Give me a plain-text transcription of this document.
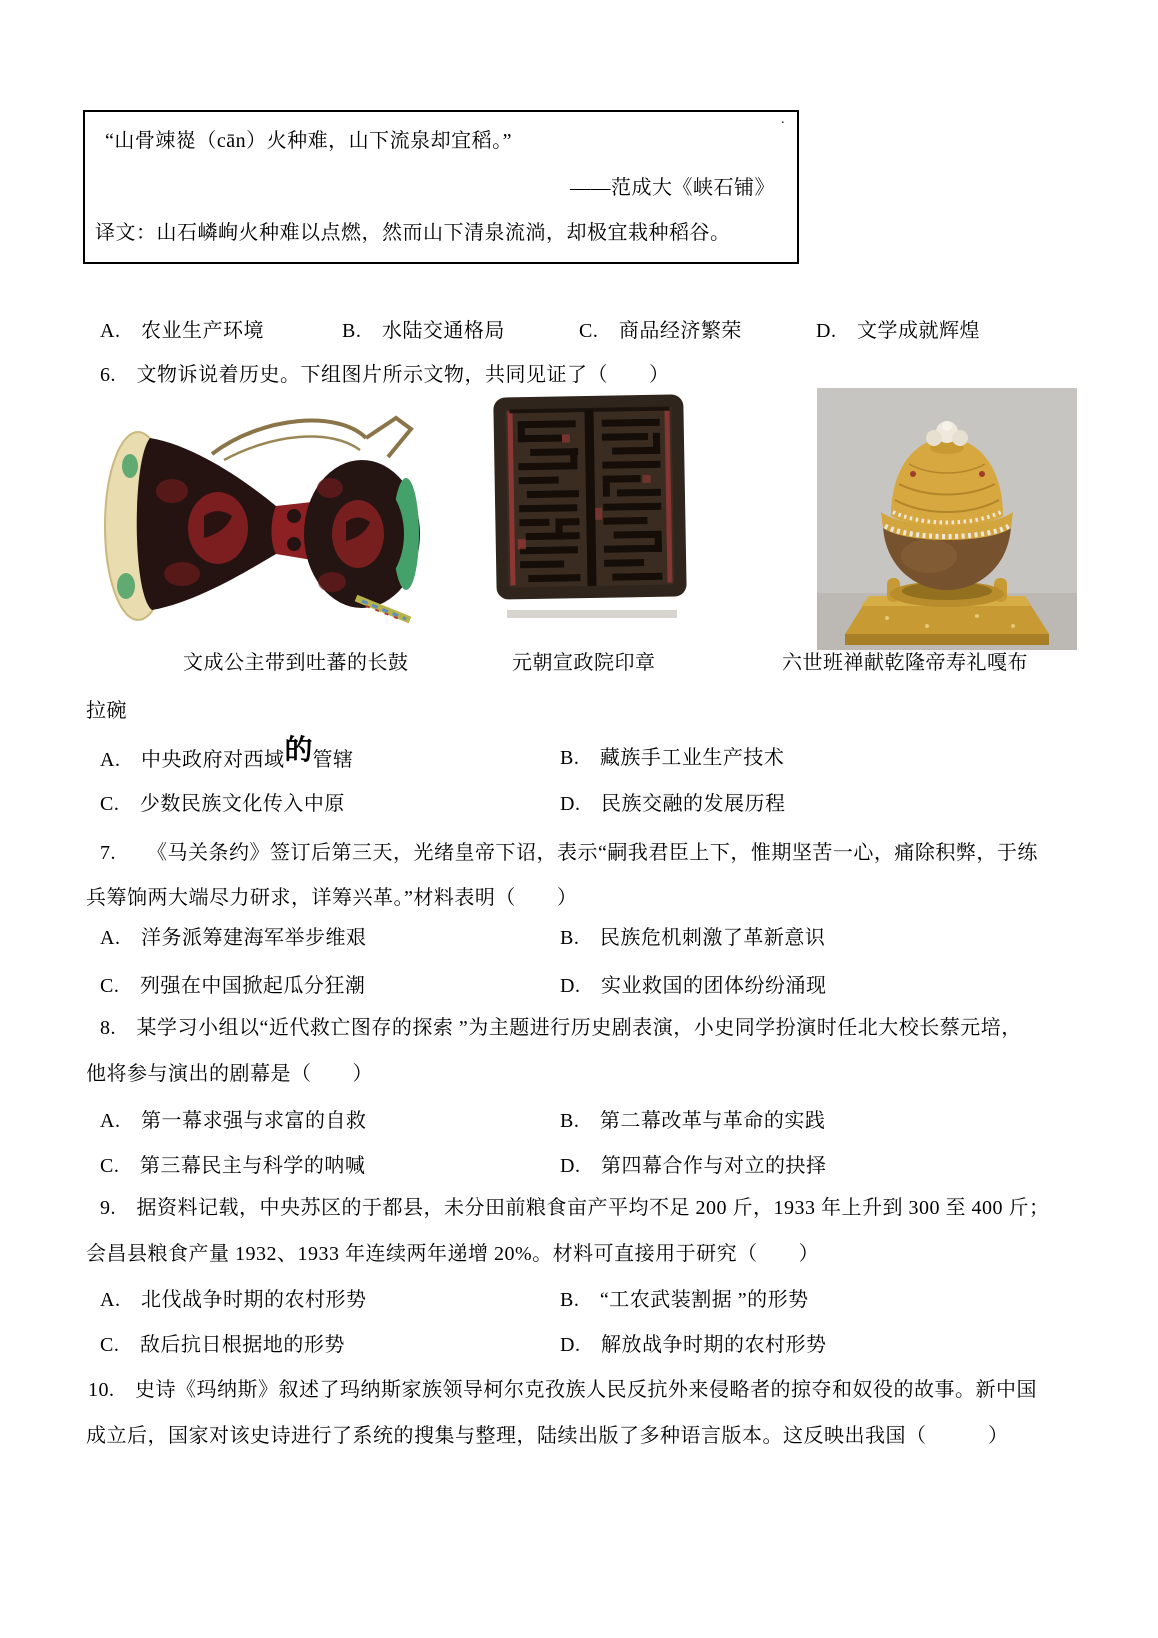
“山骨竦嵸（cān）火种难，山下流泉却宜稻。”
——范成大《峡石铺》
译文：山石嶙峋火种难以点燃，然而山下清泉流淌，却极宜栽种稻谷。
.
A.　农业生产环境	B.　水陆交通格局	C.　商品经济繁荣	D.　文学成就辉煌
6.　文物诉说着历史。下组图片所示文物，共同见证了（　　）
文成公主带到吐蕃的长鼓	元朝宣政院印章	六世班禅献乾隆帝寿礼嘎布
拉碗
A.　中央政府对西域的管辖	B.　藏族手工业生产技术
C.　少数民族文化传入中原	D.　民族交融的发展历程
7.　　《马关条约》签订后第三天，光绪皇帝下诏，表示“嗣我君臣上下，惟期坚苦一心，痛除积弊，于练
兵筹饷两大端尽力研求，详筹兴革。”材料表明（　　）
A.　洋务派筹建海军举步维艰	B.　民族危机刺激了革新意识
C.　列强在中国掀起瓜分狂潮	D.　实业救国的团体纷纷涌现
8.　某学习小组以“近代救亡图存的探索 ”为主题进行历史剧表演，小史同学扮演时任北大校长蔡元培，
他将参与演出的剧幕是（　　）
A.　第一幕求强与求富的自救	B.　第二幕改革与革命的实践
C.　第三幕民主与科学的呐喊	D.　第四幕合作与对立的抉择
9.　据资料记载，中央苏区的于都县，未分田前粮食亩产平均不足 200 斤，1933 年上升到 300 至 400 斤；
会昌县粮食产量 1932、1933 年连续两年递增 20%。材料可直接用于研究（　　）
A.　北伐战争时期的农村形势	B.　“工农武装割据 ”的形势
C.　敌后抗日根据地的形势	D.　解放战争时期的农村形势
10.　史诗《玛纳斯》叙述了玛纳斯家族领导柯尔克孜族人民反抗外来侵略者的掠夺和奴役的故事。新中国
成立后，国家对该史诗进行了系统的搜集与整理，陆续出版了多种语言版本。这反映出我国（　　　）
